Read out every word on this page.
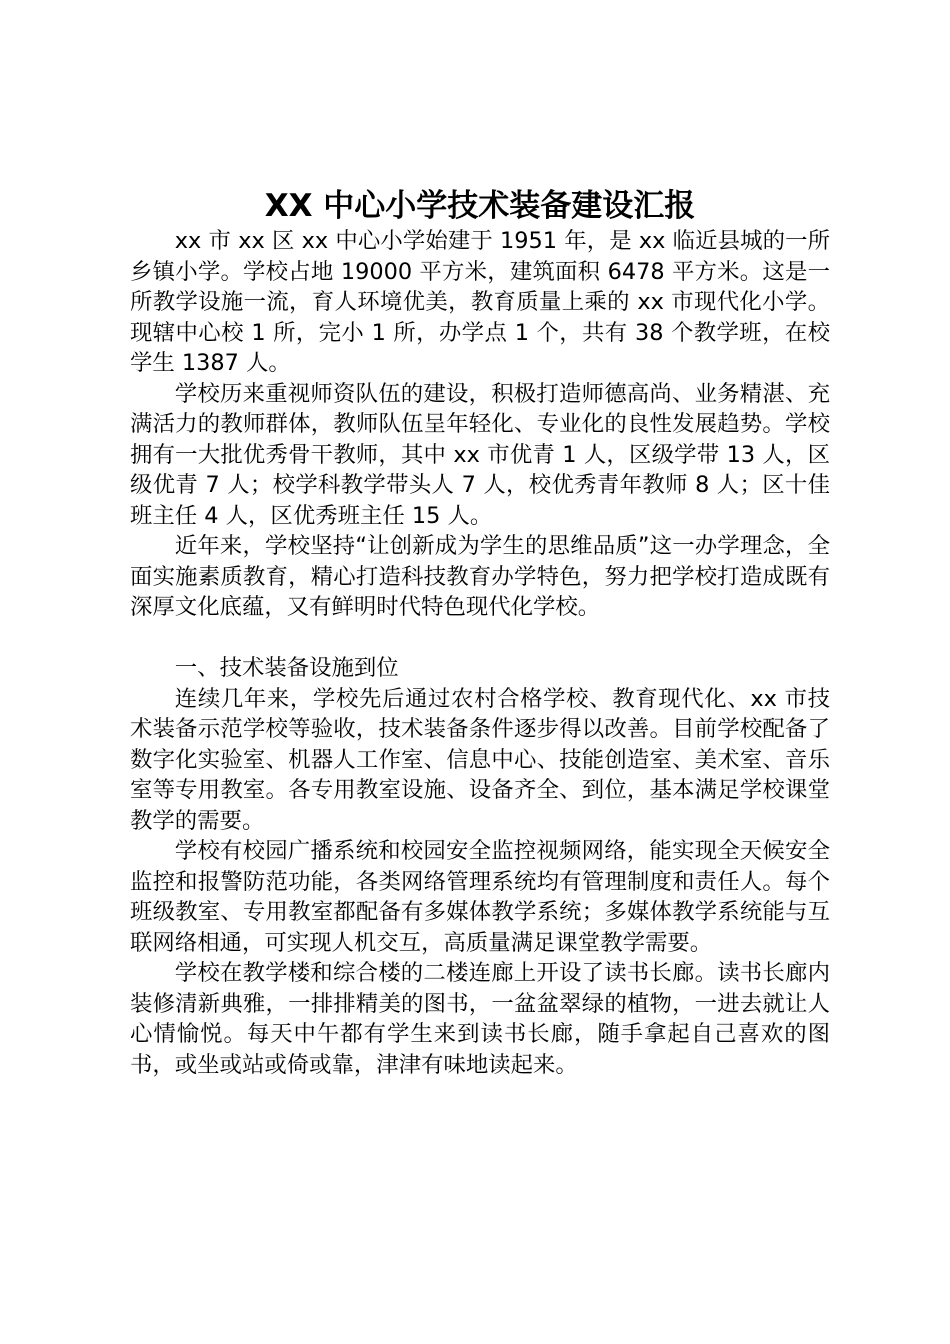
XX 中心小学技术装备建设汇报

xx 市 xx 区 xx 中心小学始建于 1951 年，是 xx 临近县城的一所乡镇小学。学校占地 19000 平方米，建筑面积 6478 平方米。这是一所教学设施一流，育人环境优美，教育质量上乘的 xx 市现代化小学。现辖中心校 1 所，完小 1 所，办学点 1 个，共有 38 个教学班，在校学生 1387 人。

学校历来重视师资队伍的建设，积极打造师德高尚、业务精湛、充满活力的教师群体，教师队伍呈年轻化、专业化的良性发展趋势。学校拥有一大批优秀骨干教师，其中 xx 市优青 1 人，区级学带 13 人，区级优青 7 人；校学科教学带头人 7 人，校优秀青年教师 8 人；区十佳班主任 4 人，区优秀班主任 15 人。

近年来，学校坚持“让创新成为学生的思维品质”这一办学理念，全面实施素质教育，精心打造科技教育办学特色，努力把学校打造成既有深厚文化底蕴，又有鲜明时代特色现代化学校。

一、技术装备设施到位

连续几年来，学校先后通过农村合格学校、教育现代化、xx 市技术装备示范学校等验收，技术装备条件逐步得以改善。目前学校配备了数字化实验室、机器人工作室、信息中心、技能创造室、美术室、音乐室等专用教室。各专用教室设施、设备齐全、到位，基本满足学校课堂教学的需要。

学校有校园广播系统和校园安全监控视频网络，能实现全天候安全监控和报警防范功能，各类网络管理系统均有管理制度和责任人。每个班级教室、专用教室都配备有多媒体教学系统；多媒体教学系统能与互联网络相通，可实现人机交互，高质量满足课堂教学需要。

学校在教学楼和综合楼的二楼连廊上开设了读书长廊。读书长廊内装修清新典雅，一排排精美的图书，一盆盆翠绿的植物，一进去就让人心情愉悦。每天中午都有学生来到读书长廊，随手拿起自己喜欢的图书，或坐或站或倚或靠，津津有味地读起来。
